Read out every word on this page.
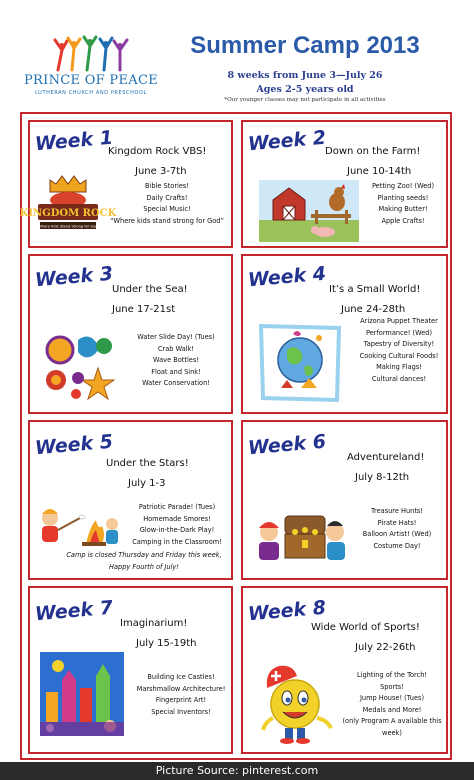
PRINCE OF PEACE
LUTHERAN CHURCH AND PRESCHOOL
Summer Camp 2013
8 weeks from June 3—July 26
Ages 2-5 years old
*Our younger classes may not participate in all activities
Week 1
Kingdom Rock VBS!
June 3-7th
Bible Stories!
Daily Crafts!
Special Music!
“Where kids stand strong for God”
KINGDOM ROCK
Where Kids Stand Strong for God
Week 2
Down on the Farm!
June 10-14th
Petting Zoo! (Wed)
Planting seeds!
Making Butter!
Apple Crafts!
Week 3
Under the Sea!
June 17-21st
Water Slide Day! (Tues)
Crab Walk!
Wave Bottles!
Float and Sink!
Water Conservation!
Week 4 It’s a Small World!
June 24-28th
Arizona Puppet Theater
Performance! (Wed)
Tapestry of Diversity!
Cooking Cultural Foods!
Making Flags!
Cultural dances!
Week 5
Under the Stars!
July 1-3
Patriotic Parade! (Tues)
Homemade Smores!
Glow-in-the-Dark Play!
Camping in the Classroom!
Camp is closed Thursday and Friday this week,
Happy Fourth of July!
Week 6 Adventureland!
July 8-12th
Treasure Hunts!
Pirate Hats!
Balloon Artist! (Wed)
Costume Day!
Week 7 Imaginarium!
July 15-19th
Building Ice Castles!
Marshmallow Architecture!
Fingerprint Art!
Special Inventors!
Week 8
Wide World of Sports!
July 22-26th
Lighting of the Torch!
Sports!
Jump House! (Tues)
Medals and More!
(only Program A available this
week)
Picture Source: pinterest.com
